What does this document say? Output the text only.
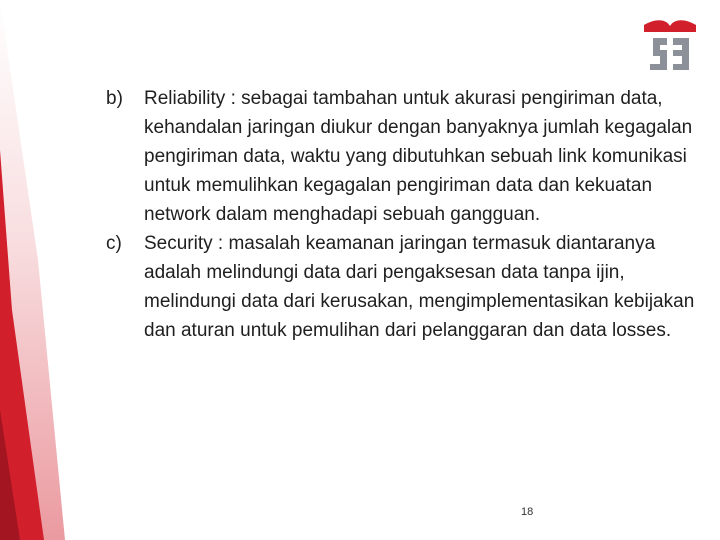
b) Reliability : sebagai tambahan untuk akurasi pengiriman data, kehandalan jaringan diukur dengan banyaknya jumlah kegagalan pengiriman data, waktu yang dibutuhkan sebuah link komunikasi untuk memulihkan kegagalan pengiriman data dan kekuatan network dalam menghadapi sebuah gangguan.
c) Security : masalah keamanan jaringan termasuk diantaranya adalah melindungi data dari pengaksesan data tanpa ijin, melindungi data dari kerusakan, mengimplementasikan kebijakan dan aturan untuk pemulihan dari pelanggaran dan data losses.
18
